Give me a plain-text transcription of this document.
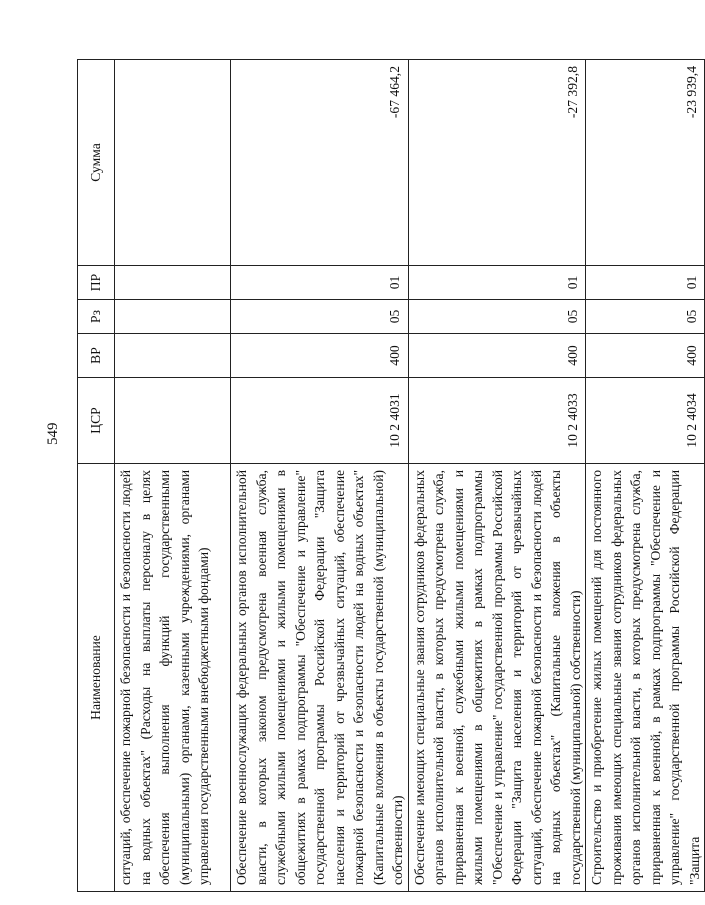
549
Наименование	ЦСР	ВР	Рз	ПР	Сумма
ситуаций, обеспечение пожарной безопасности и безопасности людей на водных объектах" (Расходы на выплаты персоналу в целях обеспечения выполнения функций государственными (муниципальными) органами, казенными учреждениями, органами управления государственными внебюджетными фондами)					
Обеспечение военнослужащих федеральных органов исполнительной власти, в которых законом предусмотрена военная служба, служебными жилыми помещениями и жилыми помещениями в общежитиях в рамках подпрограммы "Обеспечение и управление" государственной программы Российской Федерации "Защита населения и территорий от чрезвычайных ситуаций, обеспечение пожарной безопасности и безопасности людей на водных объектах" (Капитальные вложения в объекты государственной (муниципальной) собственности)	10 2 4031	400	05	01	-67 464,2
Обеспечение имеющих специальные звания сотрудников федеральных органов исполнительной власти, в которых предусмотрена служба, приравненная к военной, служебными жилыми помещениями и жилыми помещениями в общежитиях в рамках подпрограммы "Обеспечение и управление" государственной программы Российской Федерации "Защита населения и территорий от чрезвычайных ситуаций, обеспечение пожарной безопасности и безопасности людей на водных объектах" (Капитальные вложения в объекты государственной (муниципальной) собственности)	10 2 4033	400	05	01	-27 392,8
Строительство и приобретение жилых помещений для постоянного проживания имеющих специальные звания сотрудников федеральных органов исполнительной власти, в которых предусмотрена служба, приравненная к военной, в рамках подпрограммы "Обеспечение и управление" государственной программы Российской Федерации "Защита	10 2 4034	400	05	01	-23 939,4
